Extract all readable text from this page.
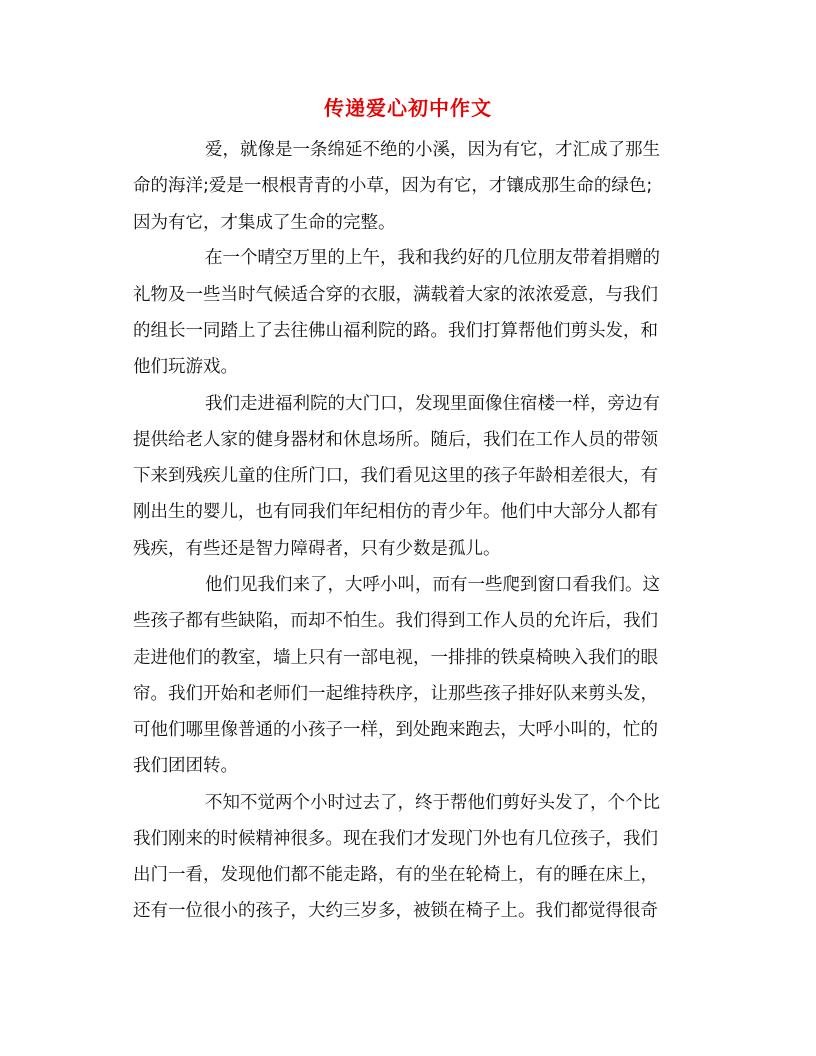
传递爱心初中作文
爱，就像是一条绵延不绝的小溪，因为有它，才汇成了那生
命的海洋;爱是一根根青青的小草，因为有它，才镶成那生命的绿色;
因为有它，才集成了生命的完整。
在一个晴空万里的上午，我和我约好的几位朋友带着捐赠的
礼物及一些当时气候适合穿的衣服，满载着大家的浓浓爱意，与我们
的组长一同踏上了去往佛山福利院的路。我们打算帮他们剪头发，和
他们玩游戏。
我们走进福利院的大门口，发现里面像住宿楼一样，旁边有
提供给老人家的健身器材和休息场所。随后，我们在工作人员的带领
下来到残疾儿童的住所门口，我们看见这里的孩子年龄相差很大，有
刚出生的婴儿，也有同我们年纪相仿的青少年。他们中大部分人都有
残疾，有些还是智力障碍者，只有少数是孤儿。
他们见我们来了，大呼小叫，而有一些爬到窗口看我们。这
些孩子都有些缺陷，而却不怕生。我们得到工作人员的允许后，我们
走进他们的教室，墙上只有一部电视，一排排的铁桌椅映入我们的眼
帘。我们开始和老师们一起维持秩序，让那些孩子排好队来剪头发，
可他们哪里像普通的小孩子一样，到处跑来跑去，大呼小叫的，忙的
我们团团转。
不知不觉两个小时过去了，终于帮他们剪好头发了，个个比
我们刚来的时候精神很多。现在我们才发现门外也有几位孩子，我们
出门一看，发现他们都不能走路，有的坐在轮椅上，有的睡在床上，
还有一位很小的孩子，大约三岁多，被锁在椅子上。我们都觉得很奇
